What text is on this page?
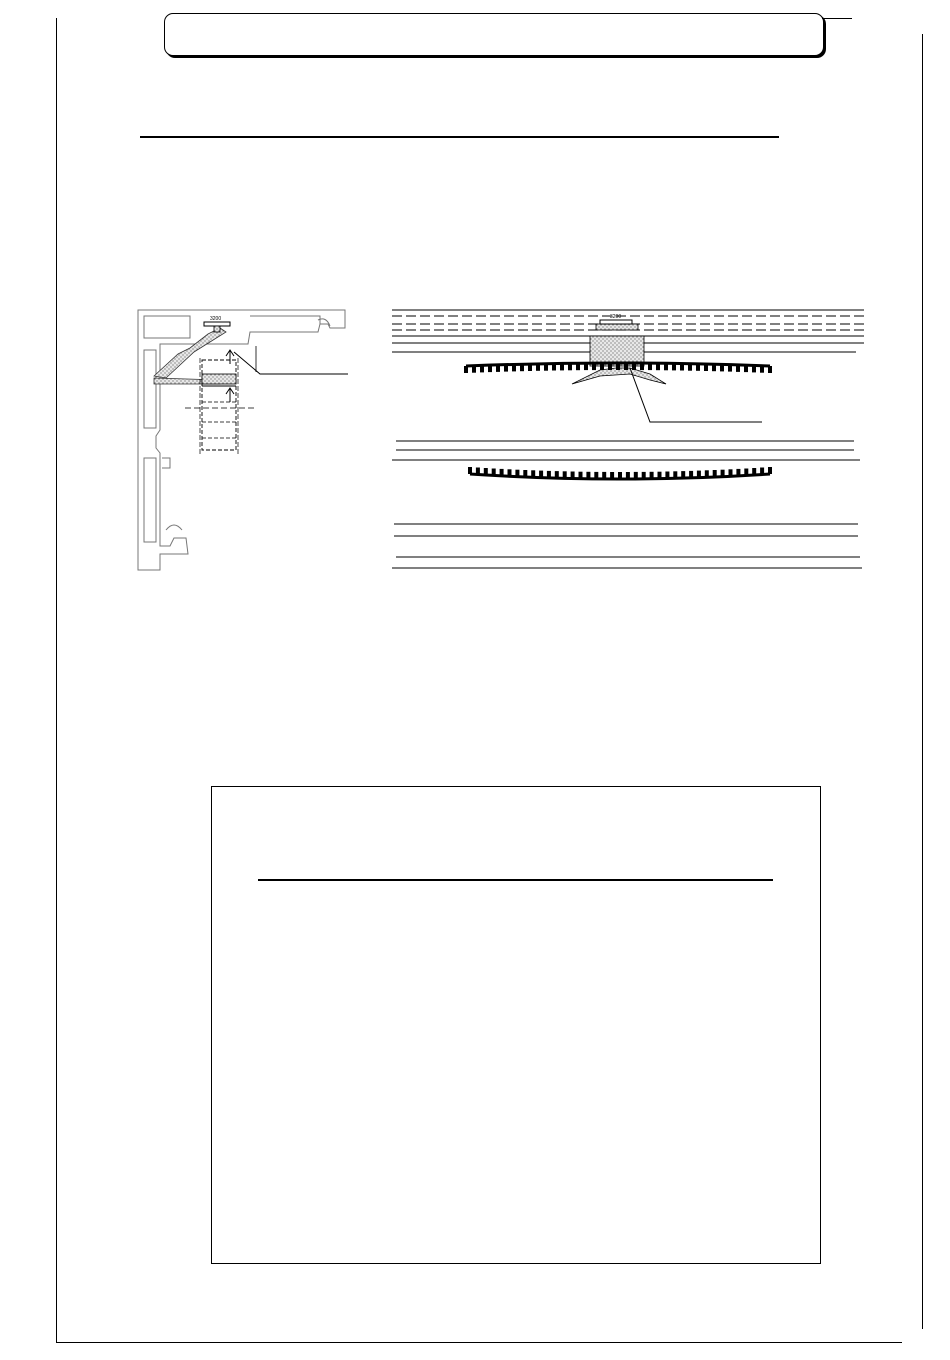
3200	3200
